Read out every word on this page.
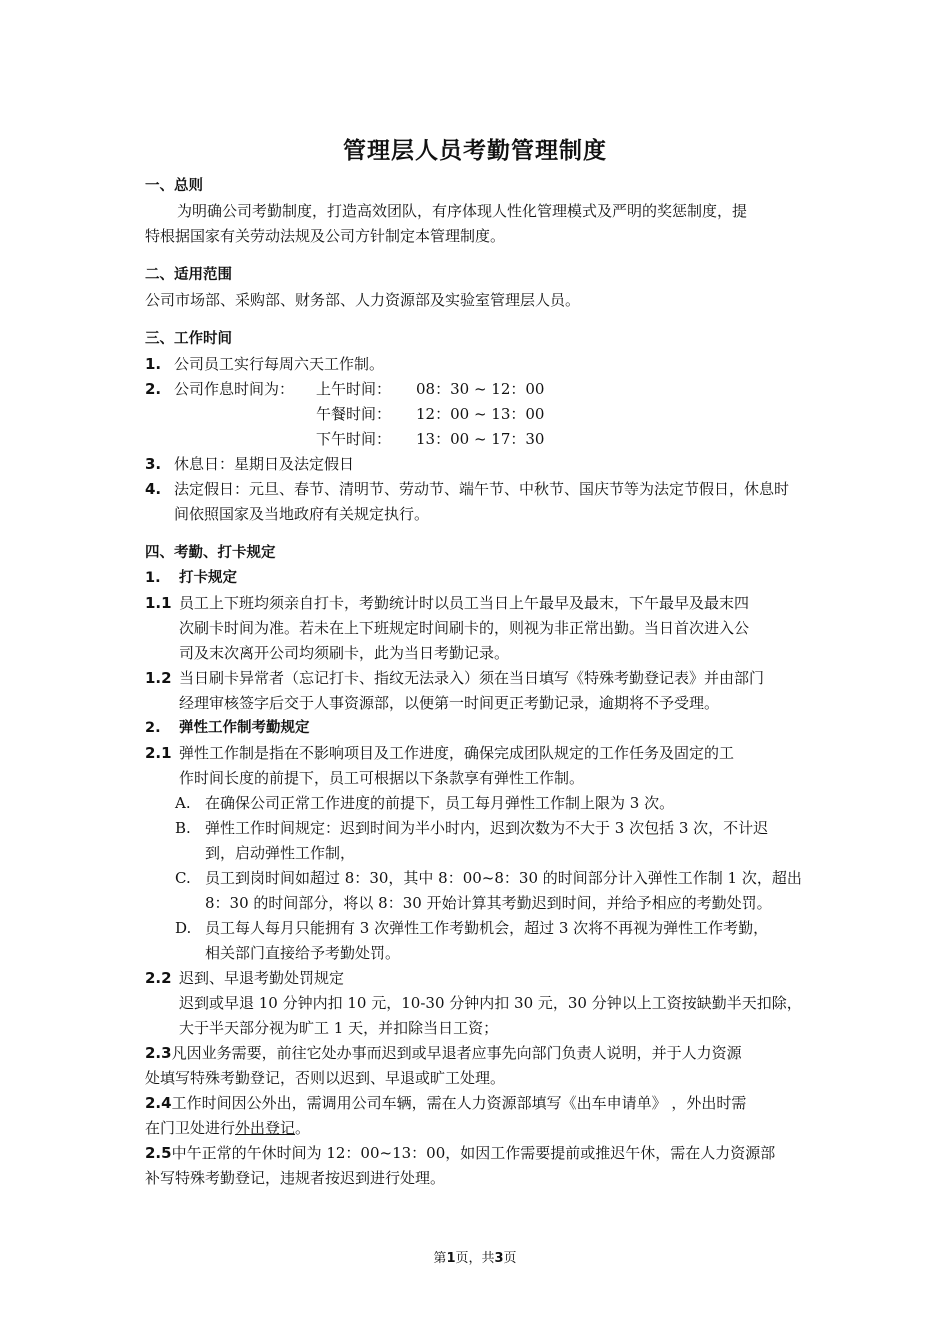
管理层人员考勤管理制度
一、总则
为明确公司考勤制度，打造高效团队，有序体现人性化管理模式及严明的奖惩制度，提
特根据国家有关劳动法规及公司方针制定本管理制度。
二、适用范围
公司市场部、采购部、财务部、人力资源部及实验室管理层人员。
三、工作时间
1. 公司员工实行每周六天工作制。
2. 公司作息时间为： 上午时间： 08：30 ~ 12：00
午餐时间： 12：00 ~ 13：00
下午时间： 13：00 ~ 17：30
3. 休息日：星期日及法定假日
4. 法定假日：元旦、春节、清明节、劳动节、端午节、中秋节、国庆节等为法定节假日，休息时
间依照国家及当地政府有关规定执行。
四、考勤、打卡规定
1. 打卡规定
1.1 员工上下班均须亲自打卡，考勤统计时以员工当日上午最早及最末，下午最早及最末四
次刷卡时间为准。若未在上下班规定时间刷卡的，则视为非正常出勤。当日首次进入公
司及末次离开公司均须刷卡，此为当日考勤记录。
1.2 当日刷卡异常者（忘记打卡、指纹无法录入）须在当日填写《特殊考勤登记表》并由部门
经理审核签字后交于人事资源部，以便第一时间更正考勤记录，逾期将不予受理。
2. 弹性工作制考勤规定
2.1 弹性工作制是指在不影响项目及工作进度，确保完成团队规定的工作任务及固定的工
作时间长度的前提下，员工可根据以下条款享有弹性工作制。
A. 在确保公司正常工作进度的前提下，员工每月弹性工作制上限为 3 次。
B. 弹性工作时间规定：迟到时间为半小时内，迟到次数为不大于 3 次包括 3 次，不计迟
到，启动弹性工作制，
C. 员工到岗时间如超过 8：30，其中 8：00~8：30 的时间部分计入弹性工作制 1 次，超出
8：30 的时间部分，将以 8：30 开始计算其考勤迟到时间，并给予相应的考勤处罚。
D. 员工每人每月只能拥有 3 次弹性工作考勤机会，超过 3 次将不再视为弹性工作考勤，
相关部门直接给予考勤处罚。
2.2 迟到、早退考勤处罚规定
迟到或早退 10 分钟内扣 10 元，10-30 分钟内扣 30 元，30 分钟以上工资按缺勤半天扣除，
大于半天部分视为旷工 1 天，并扣除当日工资；
2.3凡因业务需要，前往它处办事而迟到或早退者应事先向部门负责人说明，并于人力资源
处填写特殊考勤登记，否则以迟到、早退或旷工处理。
2.4工作时间因公外出，需调用公司车辆，需在人力资源部填写《出车申请单》 ，外出时需
在门卫处进行外出登记。
2.5中午正常的午休时间为 12：00~13：00，如因工作需要提前或推迟午休，需在人力资源部
补写特殊考勤登记，违规者按迟到进行处理。
第1页，共3页
